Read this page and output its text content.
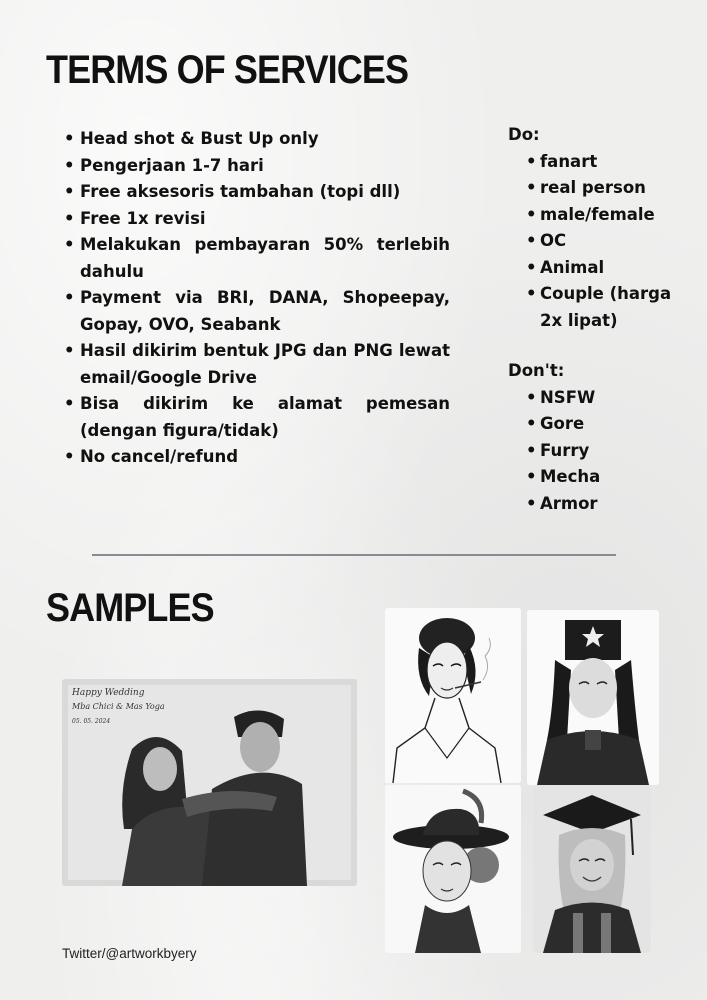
TERMS OF SERVICES
• Head shot & Bust Up only
• Pengerjaan 1-7 hari
• Free aksesoris tambahan (topi dll)
• Free 1x revisi
• Melakukan pembayaran 50% terlebih dahulu
• Payment via BRI, DANA, Shopeepay, Gopay, OVO, Seabank
• Hasil dikirim bentuk JPG dan PNG lewat email/Google Drive
• Bisa dikirim ke alamat pemesan (dengan figura/tidak)
• No cancel/refund
Do:
• fanart
• real person
• male/female
• OC
• Animal
• Couple (harga 2x lipat)
Don't:
• NSFW
• Gore
• Furry
• Mecha
• Armor
SAMPLES
Happy Wedding
Mba Chici & Mas Yoga
05. 05. 2024

Twitter/@artworkbyery
